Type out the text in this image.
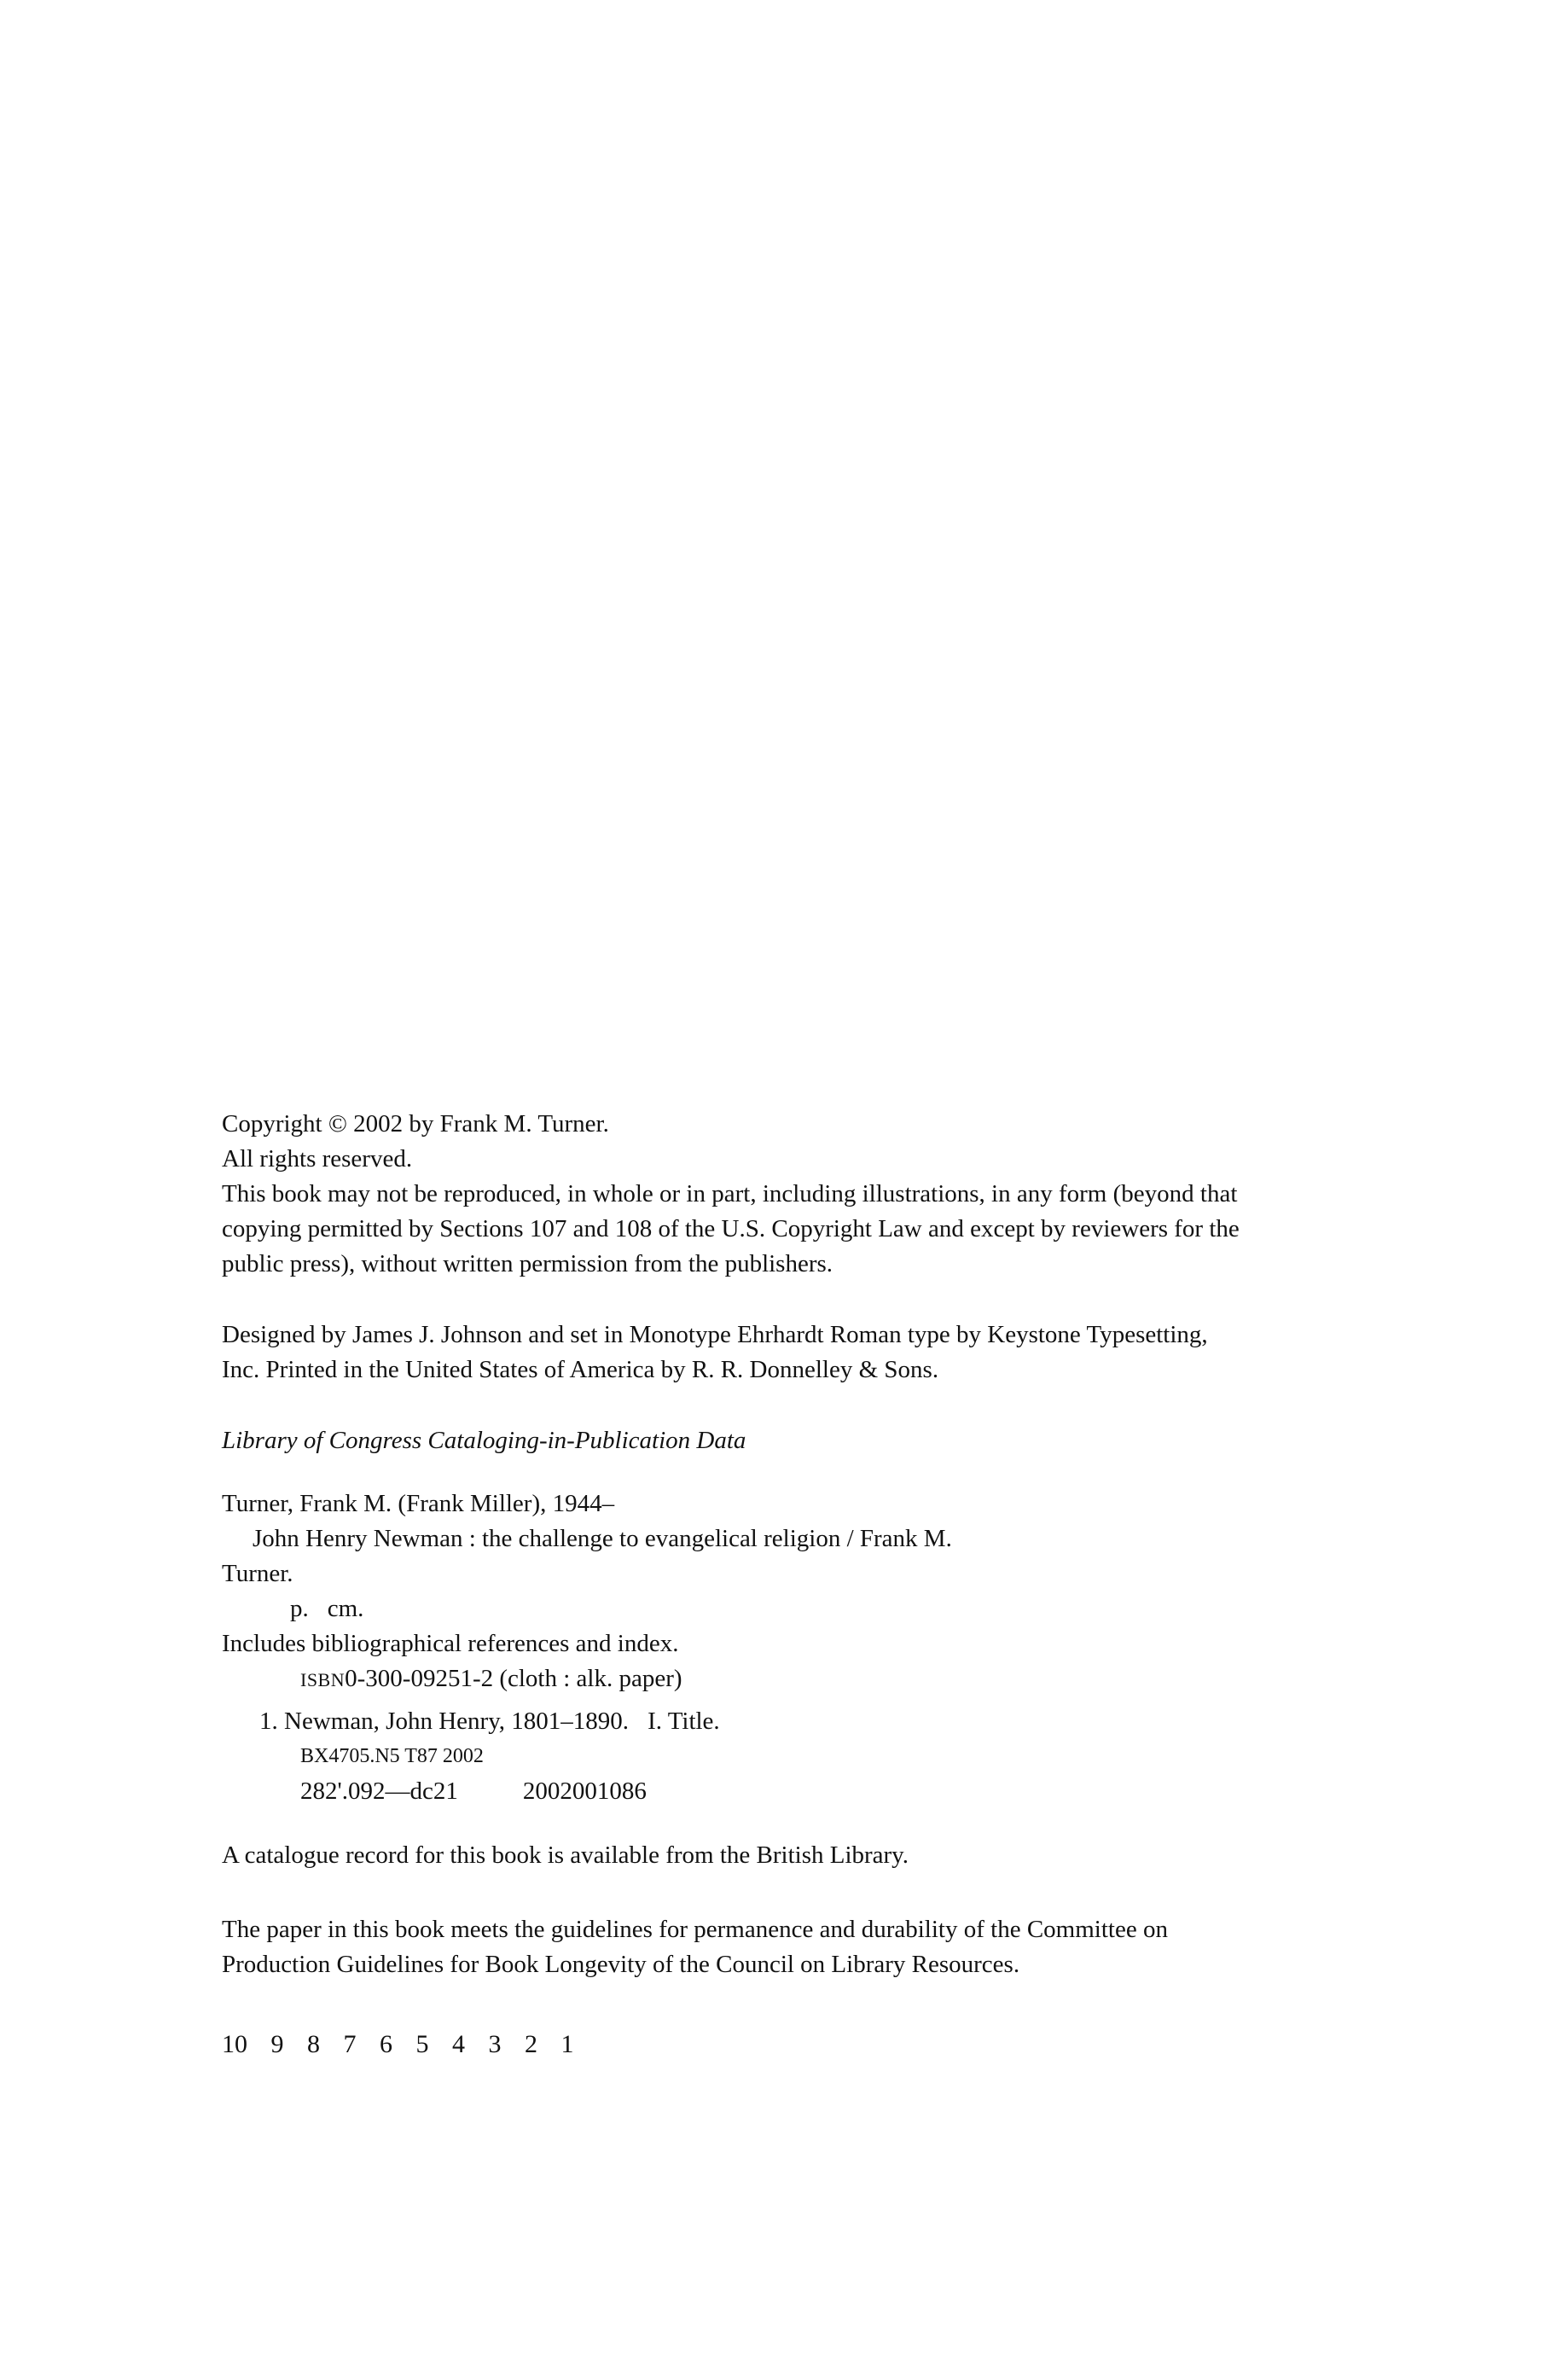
Copyright © 2002 by Frank M. Turner.
All rights reserved.
This book may not be reproduced, in whole or in part, including illustrations, in any form (beyond that
copying permitted by Sections 107 and 108 of the U.S. Copyright Law and except by reviewers for the
public press), without written permission from the publishers.
Designed by James J. Johnson and set in Monotype Ehrhardt Roman type by Keystone Typesetting,
Inc. Printed in the United States of America by R. R. Donnelley & Sons.
Library of Congress Cataloging-in-Publication Data
Turner, Frank M. (Frank Miller), 1944–
John Henry Newman : the challenge to evangelical religion / Frank M.
Turner.
p. cm.
Includes bibliographical references and index.
ISBN0-300-09251-2 (cloth : alk. paper)
1. Newman, John Henry, 1801–1890. I. Title.
BX4705.N5 T87 2002
282'.092—dc21	2002001086
A catalogue record for this book is available from the British Library.
The paper in this book meets the guidelines for permanence and durability of the Committee on
Production Guidelines for Book Longevity of the Council on Library Resources.
10 9 8 7 6 5 4 3 2 1
